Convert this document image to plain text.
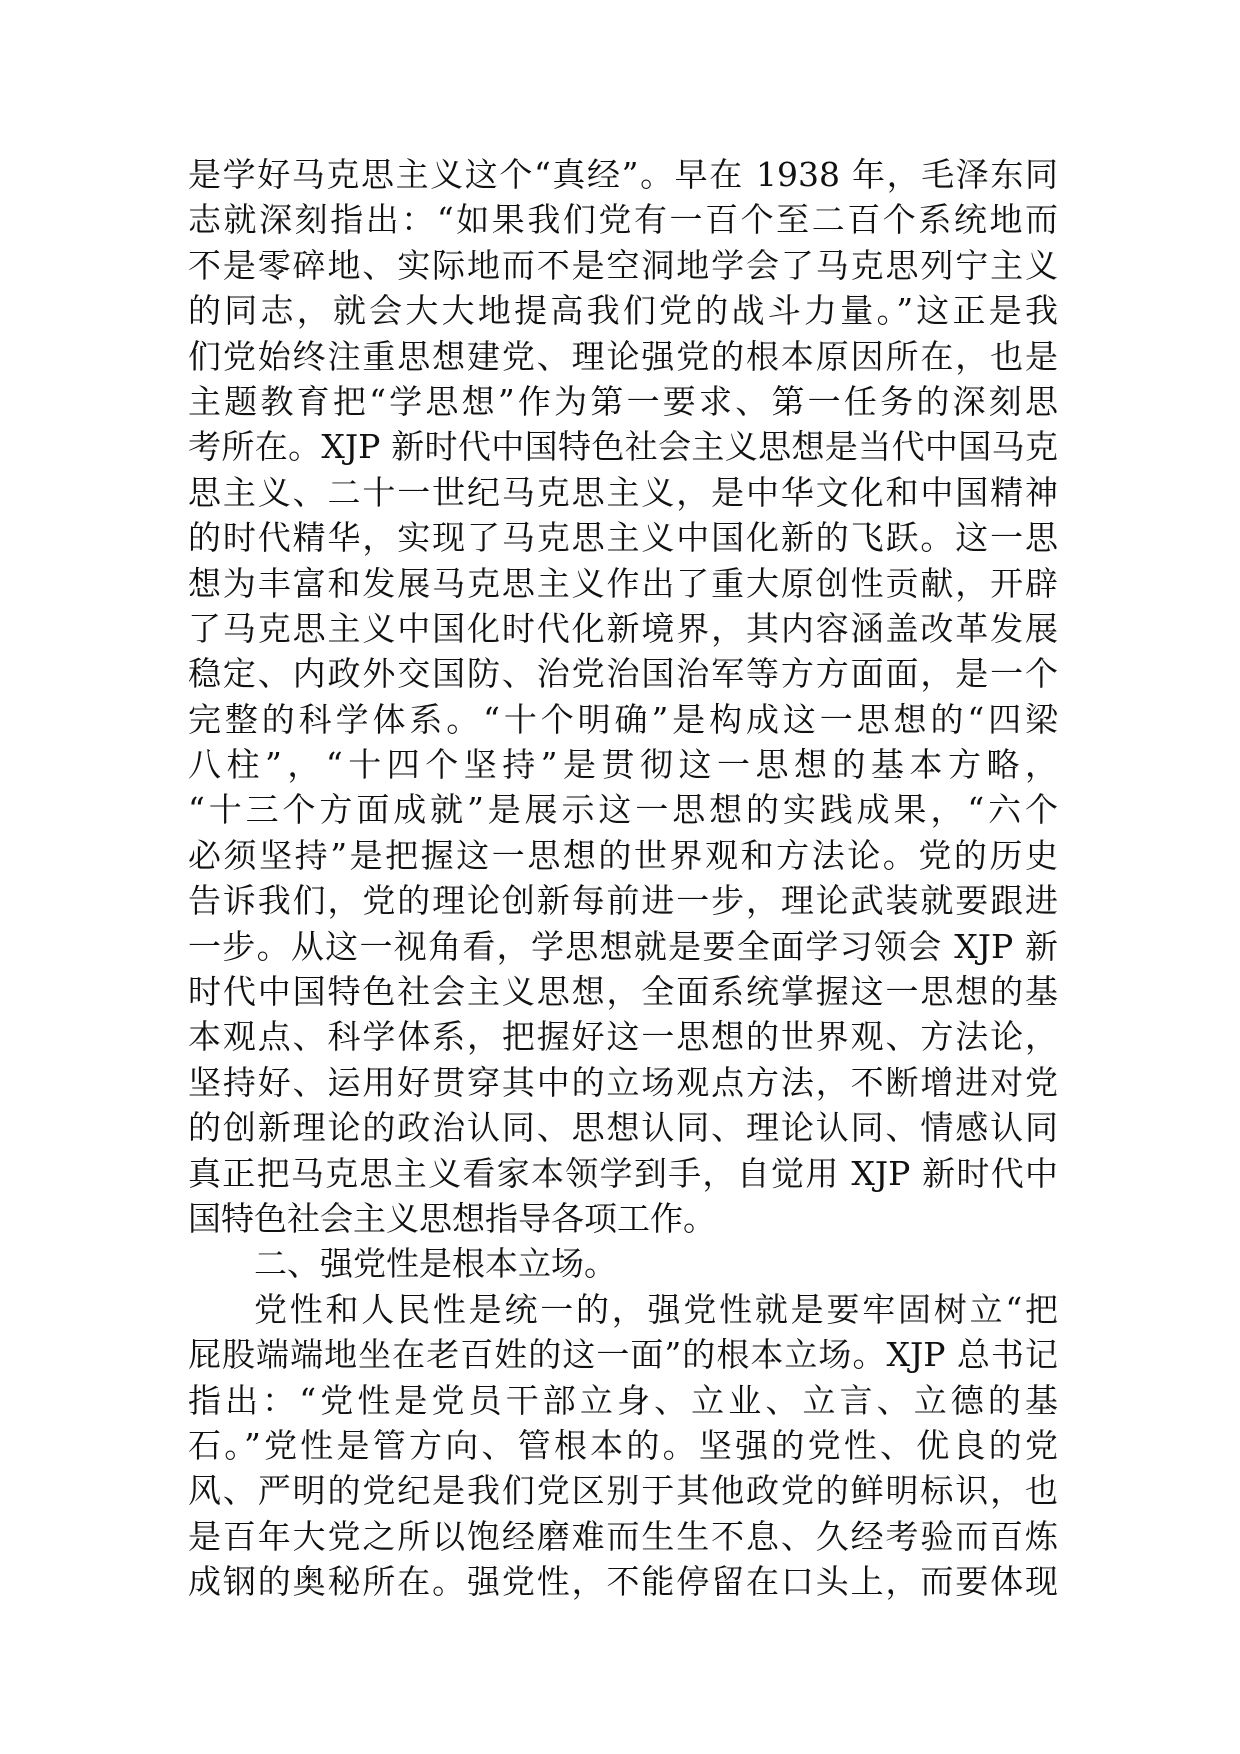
是学好马克思主义这个“真经”。早在 1938 年，毛泽东同
志就深刻指出：“如果我们党有一百个至二百个系统地而
不是零碎地、实际地而不是空洞地学会了马克思列宁主义
的同志，就会大大地提高我们党的战斗力量。”这正是我
们党始终注重思想建党、理论强党的根本原因所在，也是
主题教育把“学思想”作为第一要求、第一任务的深刻思
考所在。XJP 新时代中国特色社会主义思想是当代中国马克
思主义、二十一世纪马克思主义，是中华文化和中国精神
的时代精华，实现了马克思主义中国化新的飞跃。这一思
想为丰富和发展马克思主义作出了重大原创性贡献，开辟
了马克思主义中国化时代化新境界，其内容涵盖改革发展
稳定、内政外交国防、治党治国治军等方方面面，是一个
完整的科学体系。“十个明确”是构成这一思想的“四梁
八柱”，“十四个坚持”是贯彻这一思想的基本方略，
“十三个方面成就”是展示这一思想的实践成果，“六个
必须坚持”是把握这一思想的世界观和方法论。党的历史
告诉我们，党的理论创新每前进一步，理论武装就要跟进
一步。从这一视角看，学思想就是要全面学习领会 XJP 新
时代中国特色社会主义思想，全面系统掌握这一思想的基
本观点、科学体系，把握好这一思想的世界观、方法论，
坚持好、运用好贯穿其中的立场观点方法，不断增进对党
的创新理论的政治认同、思想认同、理论认同、情感认同
真正把马克思主义看家本领学到手，自觉用 XJP 新时代中
国特色社会主义思想指导各项工作。
二、强党性是根本立场。
党性和人民性是统一的，强党性就是要牢固树立“把
屁股端端地坐在老百姓的这一面”的根本立场。XJP 总书记
指出：“党性是党员干部立身、立业、立言、立德的基
石。”党性是管方向、管根本的。坚强的党性、优良的党
风、严明的党纪是我们党区别于其他政党的鲜明标识，也
是百年大党之所以饱经磨难而生生不息、久经考验而百炼
成钢的奥秘所在。强党性，不能停留在口头上，而要体现
